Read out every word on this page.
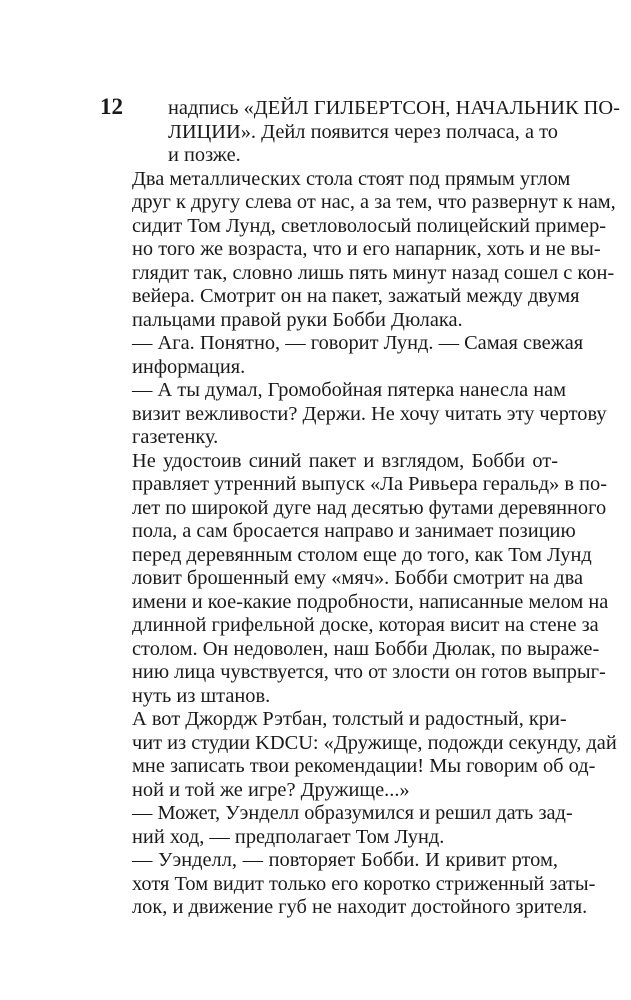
12	надпись «ДЕЙЛ ГИЛБЕРТСОН, НАЧАЛЬНИК ПО-
ЛИЦИИ». Дейл появится через полчаса, а то
и позже.
Два металлических стола стоят под прямым углом
друг к другу слева от нас, а за тем, что развернут к нам,
сидит Том Лунд, светловолосый полицейский пример-
но того же возраста, что и его напарник, хоть и не вы-
глядит так, словно лишь пять минут назад сошел с кон-
вейера. Смотрит он на пакет, зажатый между двумя
пальцами правой руки Бобби Дюлака.
— Ага. Понятно, — говорит Лунд. — Самая свежая
информация.
— А ты думал, Громобойная пятерка нанесла нам
визит вежливости? Держи. Не хочу читать эту чертову
газетенку.
Не удостоив синий пакет и взглядом, Бобби от-
правляет утренний выпуск «Ла Ривьера геральд» в по-
лет по широкой дуге над десятью футами деревянного
пола, а сам бросается направо и занимает позицию
перед деревянным столом еще до того, как Том Лунд
ловит брошенный ему «мяч». Бобби смотрит на два
имени и кое-какие подробности, написанные мелом на
длинной грифельной доске, которая висит на стене за
столом. Он недоволен, наш Бобби Дюлак, по выраже-
нию лица чувствуется, что от злости он готов выпрыг-
нуть из штанов.
А вот Джордж Рэтбан, толстый и радостный, кри-
чит из студии KDCU: «Дружище, подожди секунду, дай
мне записать твои рекомендации! Мы говорим об од-
ной и той же игре? Дружище...»
— Может, Уэнделл образумился и решил дать зад-
ний ход, — предполагает Том Лунд.
— Уэнделл, — повторяет Бобби. И кривит ртом,
хотя Том видит только его коротко стриженный заты-
лок, и движение губ не находит достойного зрителя.
